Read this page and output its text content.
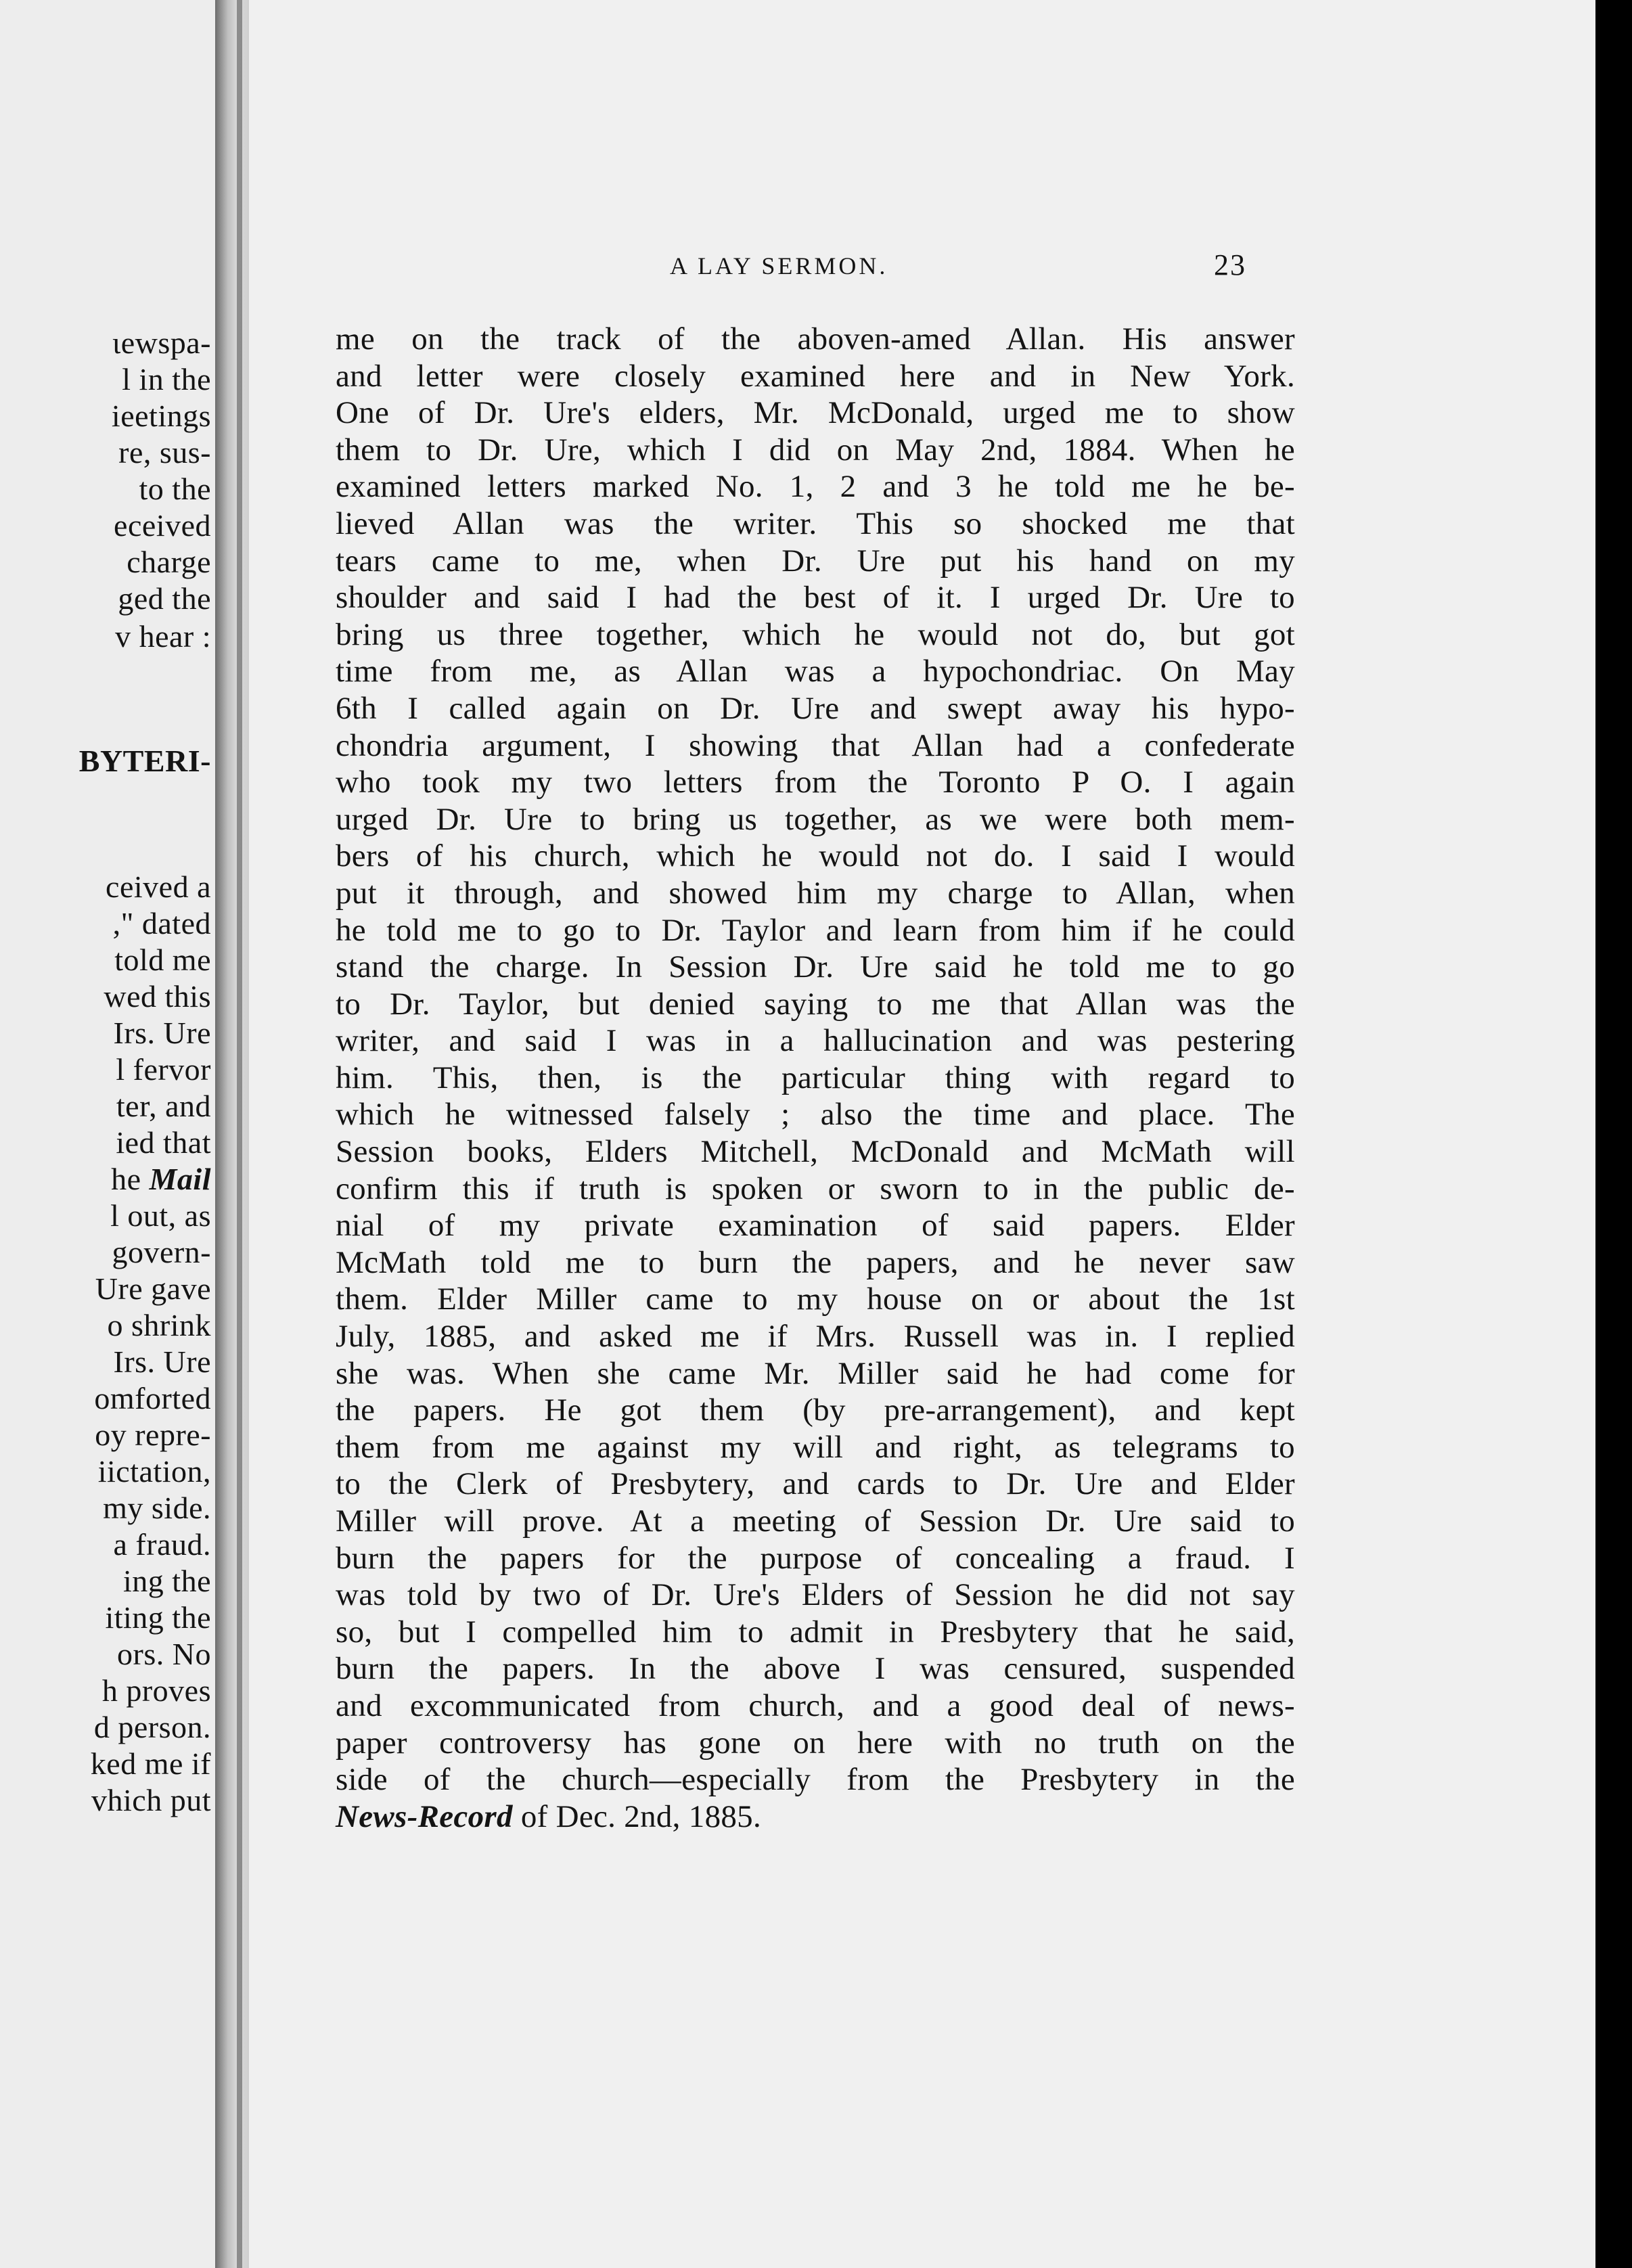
ɩewspa-
l in the
ieetings
re, sus-
to the
eceived
charge
ged the
v hear :
BYTERI-
ceived a
," dated
told me
wed this
Irs. Ure
l fervor
ter, and
ied that
he Mail
l out, as
govern-
Ure gave
o shrink
Irs. Ure
omforted
oy repre-
iictation,
my side.
a fraud.
ing the
iting the
ors. No
h proves
d person.
ked me if
vhich put
A LAY SERMON.	23
me on the track of the aboven-amed Allan. His answer
and letter were closely examined here and in New York.
One of Dr. Ure's elders, Mr. McDonald, urged me to show
them to Dr. Ure, which I did on May 2nd, 1884. When he
examined letters marked No. 1, 2 and 3 he told me he be-
lieved Allan was the writer. This so shocked me that
tears came to me, when Dr. Ure put his hand on my
shoulder and said I had the best of it. I urged Dr. Ure to
bring us three together, which he would not do, but got
time from me, as Allan was a hypochondriac. On May
6th I called again on Dr. Ure and swept away his hypo-
chondria argument, I showing that Allan had a confederate
who took my two letters from the Toronto P O. I again
urged Dr. Ure to bring us together, as we were both mem-
bers of his church, which he would not do. I said I would
put it through, and showed him my charge to Allan, when
he told me to go to Dr. Taylor and learn from him if he could
stand the charge. In Session Dr. Ure said he told me to go
to Dr. Taylor, but denied saying to me that Allan was the
writer, and said I was in a hallucination and was pestering
him. This, then, is the particular thing with regard to
which he witnessed falsely ; also the time and place. The
Session books, Elders Mitchell, McDonald and McMath will
confirm this if truth is spoken or sworn to in the public de-
nial of my private examination of said papers. Elder
McMath told me to burn the papers, and he never saw
them. Elder Miller came to my house on or about the 1st
July, 1885, and asked me if Mrs. Russell was in. I replied
she was. When she came Mr. Miller said he had come for
the papers. He got them (by pre-arrangement), and kept
them from me against my will and right, as telegrams to
to the Clerk of Presbytery, and cards to Dr. Ure and Elder
Miller will prove. At a meeting of Session Dr. Ure said to
burn the papers for the purpose of concealing a fraud. I
was told by two of Dr. Ure's Elders of Session he did not say
so, but I compelled him to admit in Presbytery that he said,
burn the papers. In the above I was censured, suspended
and excommunicated from church, and a good deal of news-
paper controversy has gone on here with no truth on the
side of the church—especially from the Presbytery in the
News-Record of Dec. 2nd, 1885.
